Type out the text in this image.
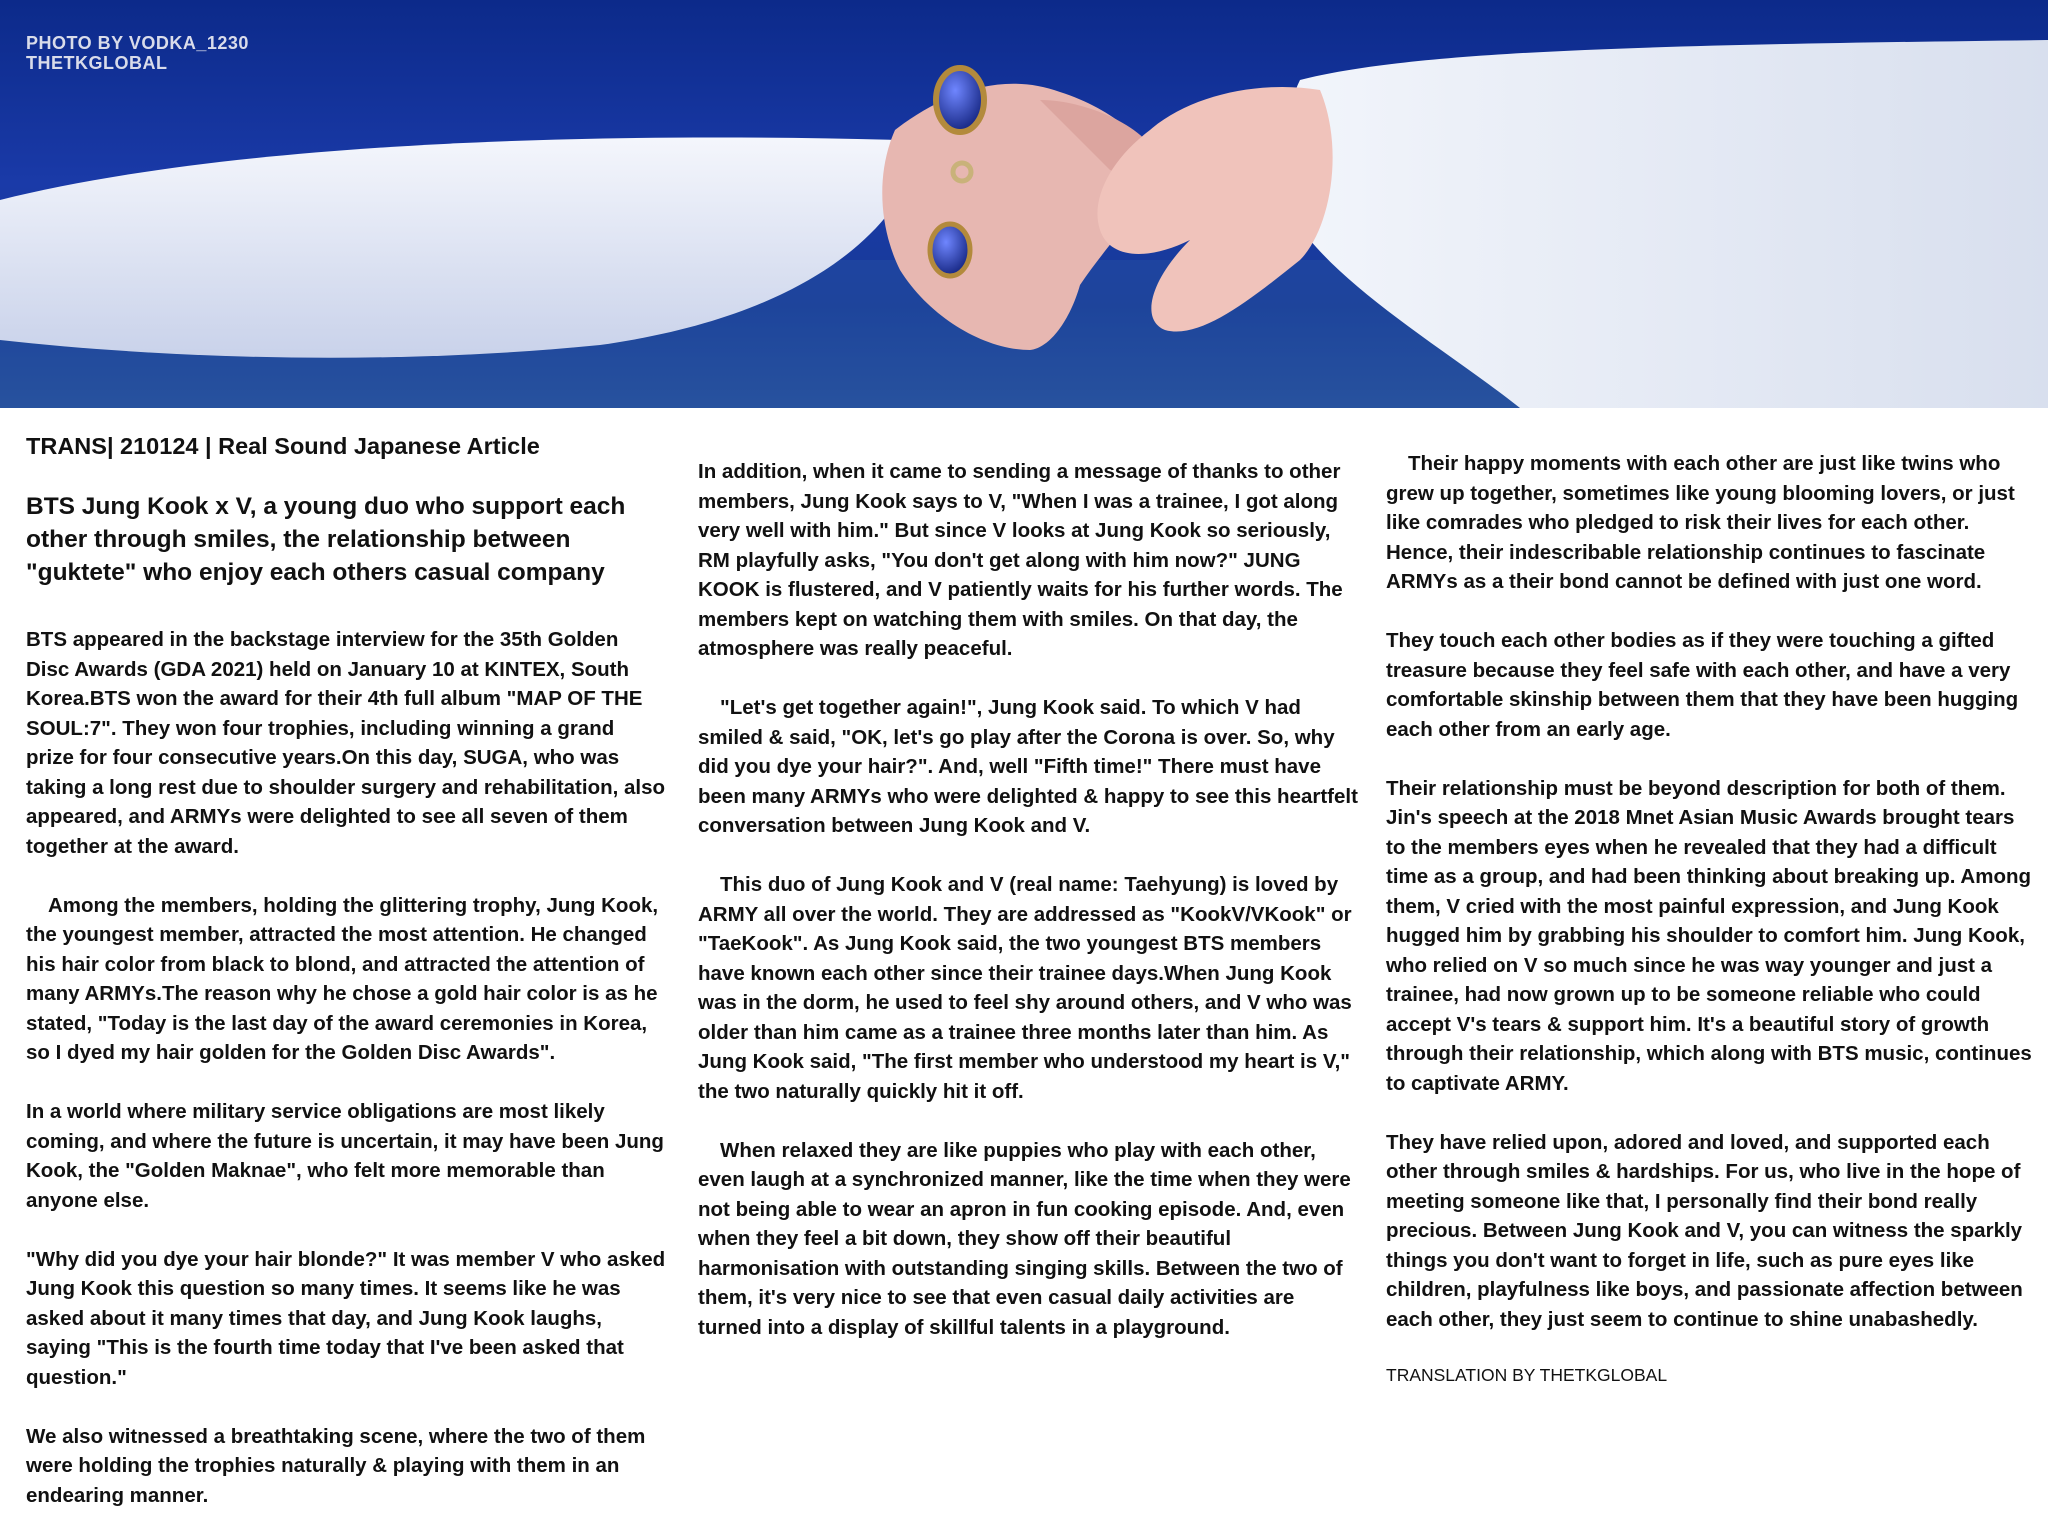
PHOTO BY VODKA_1230
THETKGLOBAL

TRANS| 210124 | Real Sound Japanese Article

BTS Jung Kook x V, a young duo who support each other through smiles, the relationship between "guktete" who enjoy each others casual company

BTS appeared in the backstage interview for the 35th Golden Disc Awards (GDA 2021) held on January 10 at KINTEX, South Korea.BTS won the award for their 4th full album "MAP OF THE SOUL:7". They won four trophies, including winning a grand prize for four consecutive years.On this day, SUGA, who was taking a long rest due to shoulder surgery and rehabilitation, also appeared, and ARMYs were delighted to see all seven of them together at the award.

Among the members, holding the glittering trophy, Jung Kook, the youngest member, attracted the most attention. He changed his hair color from black to blond, and attracted the attention of many ARMYs.The reason why he chose a gold hair color is as he stated, "Today is the last day of the award ceremonies in Korea, so I dyed my hair golden for the Golden Disc Awards".

In a world where military service obligations are most likely coming, and where the future is uncertain, it may have been Jung Kook, the "Golden Maknae", who felt more memorable than anyone else.

"Why did you dye your hair blonde?" It was member V who asked Jung Kook this question so many times. It seems like he was asked about it many times that day, and Jung Kook laughs, saying "This is the fourth time today that I've been asked that question."

We also witnessed a breathtaking scene, where the two of them were holding the trophies naturally & playing with them in an endearing manner.

In addition, when it came to sending a message of thanks to other members, Jung Kook says to V, "When I was a trainee, I got along very well with him." But since V looks at Jung Kook so seriously, RM playfully asks, "You don't get along with him now?" JUNG KOOK is flustered, and V patiently waits for his further words. The members kept on watching them with smiles. On that day, the atmosphere was really peaceful.

"Let's get together again!", Jung Kook said. To which V had smiled & said, "OK, let's go play after the Corona is over. So, why did you dye your hair?". And, well "Fifth time!" There must have been many ARMYs who were delighted & happy to see this heartfelt conversation between Jung Kook and V.

This duo of Jung Kook and V (real name: Taehyung) is loved by ARMY all over the world. They are addressed as "KookV/VKook" or "TaeKook". As Jung Kook said, the two youngest BTS members have known each other since their trainee days.When Jung Kook was in the dorm, he used to feel shy around others, and V who was older than him came as a trainee three months later than him. As Jung Kook said, "The first member who understood my heart is V," the two naturally quickly hit it off.

When relaxed they are like puppies who play with each other, even laugh at a synchronized manner, like the time when they were not being able to wear an apron in fun cooking episode. And, even when they feel a bit down, they show off their beautiful harmonisation with outstanding singing skills. Between the two of them, it's very nice to see that even casual daily activities are turned into a display of skillful talents in a playground.

Their happy moments with each other are just like twins who grew up together, sometimes like young blooming lovers, or just like comrades who pledged to risk their lives for each other. Hence, their indescribable relationship continues to fascinate ARMYs as a their bond cannot be defined with just one word.

They touch each other bodies as if they were touching a gifted treasure because they feel safe with each other, and have a very comfortable skinship between them that they have been hugging each other from an early age.

Their relationship must be beyond description for both of them. Jin's speech at the 2018 Mnet Asian Music Awards brought tears to the members eyes when he revealed that they had a difficult time as a group, and had been thinking about breaking up. Among them, V cried with the most painful expression, and Jung Kook hugged him by grabbing his shoulder to comfort him. Jung Kook, who relied on V so much since he was way younger and just a trainee, had now grown up to be someone reliable who could accept V's tears & support him. It's a beautiful story of growth through their relationship, which along with BTS music, continues to captivate ARMY.

They have relied upon, adored and loved, and supported each other through smiles & hardships. For us, who live in the hope of meeting someone like that, I personally find their bond really precious. Between Jung Kook and V, you can witness the sparkly things you don't want to forget in life, such as pure eyes like children, playfulness like boys, and passionate affection between each other, they just seem to continue to shine unabashedly.

TRANSLATION BY THETKGLOBAL
